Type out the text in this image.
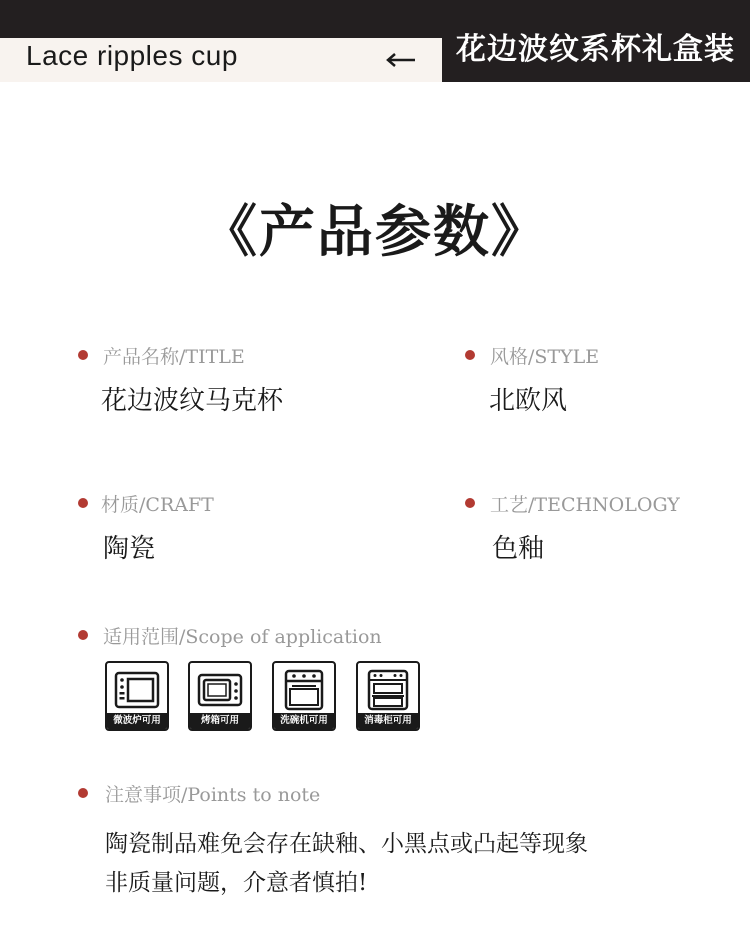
Lace ripples cup	花边波纹系杯礼盒装
《产品参数》
产品名称/TITLE
花边波纹马克杯
风格/STYLE
北欧风
材质/CRAFT
陶瓷
工艺/TECHNOLOGY
色釉
适用范围/Scope of application
微波炉可用	烤箱可用	洗碗机可用	消毒柜可用
注意事项/Points to note
陶瓷制品难免会存在缺釉、小黑点或凸起等现象
非质量问题，介意者慎拍!
